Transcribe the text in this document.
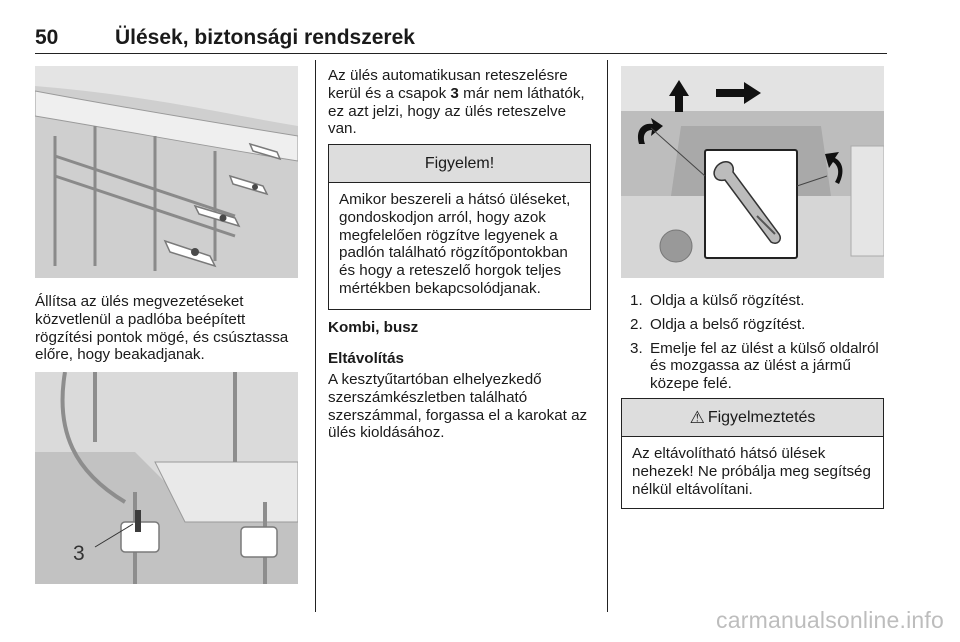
50	Ülések, biztonsági rendszerek
Állítsa az ülés megvezetéseket közvetlenül a padlóba beépített rögzítési pontok mögé, és csúsztassa előre, hogy beakadjanak.
3
Az ülés automatikusan reteszelésre kerül és a csapok 3 már nem láthatók, ez azt jelzi, hogy az ülés reteszelve van.
Figyelem!
Amikor beszereli a hátsó üléseket, gondoskodjon arról, hogy azok megfelelően rögzítve legyenek a padlón található rögzítőpontokban és hogy a reteszelő horgok teljes mértékben bekapcsolódjanak.
Kombi, busz
Eltávolítás
A kesztyűtartóban elhelyezkedő szerszámkészletben található szerszámmal, forgassa el a karokat az ülés kioldásához.
1. Oldja a külső rögzítést.
2. Oldja a belső rögzítést.
3. Emelje fel az ülést a külső oldalról és mozgassa az ülést a jármű közepe felé.
⚠ Figyelmeztetés
Az eltávolítható hátsó ülések nehezek! Ne próbálja meg segítség nélkül eltávolítani.
carmanualsonline.info
